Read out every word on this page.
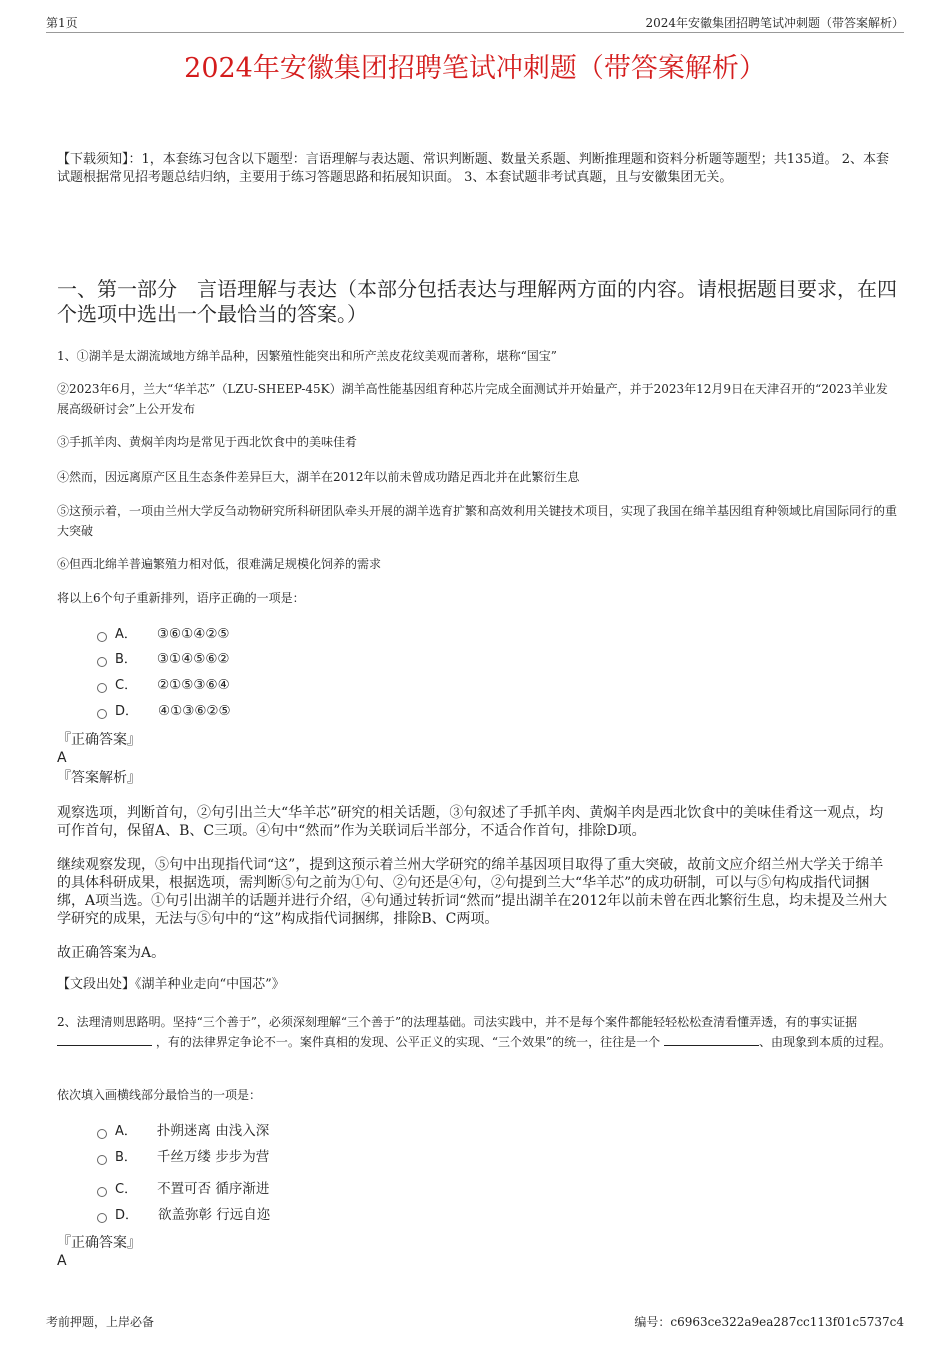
第1页	2024年安徽集团招聘笔试冲刺题（带答案解析）
2024年安徽集团招聘笔试冲刺题（带答案解析）
【下载须知】：1，本套练习包含以下题型：言语理解与表达题、常识判断题、数量关系题、判断推理题和资料分析题等题型；共135道。 2、本套试题根据常见招考题总结归纳，主要用于练习答题思路和拓展知识面。 3、本套试题非考试真题，且与安徽集团无关。
一、第一部分　言语理解与表达（本部分包括表达与理解两方面的内容。请根据题目要求，在四个选项中选出一个最恰当的答案。）
1、①湖羊是太湖流域地方绵羊品种，因繁殖性能突出和所产羔皮花纹美观而著称，堪称“国宝”
②2023年6月，兰大“华羊芯”（LZU-SHEEP-45K）湖羊高性能基因组育种芯片完成全面测试并开始量产，并于2023年12月9日在天津召开的“2023羊业发展高级研讨会”上公开发布
③手抓羊肉、黄焖羊肉均是常见于西北饮食中的美味佳肴
④然而，因远离原产区且生态条件差异巨大，湖羊在2012年以前未曾成功踏足西北并在此繁衍生息
⑤这预示着，一项由兰州大学反刍动物研究所科研团队牵头开展的湖羊选育扩繁和高效利用关键技术项目，实现了我国在绵羊基因组育种领域比肩国际同行的重大突破
⑥但西北绵羊普遍繁殖力相对低，很难满足规模化饲养的需求
将以上6个句子重新排列，语序正确的一项是：
A． ③⑥①④②⑤
B． ③①④⑤⑥②
C． ②①⑤③⑥④
D． ④①③⑥②⑤
『正确答案』
A
『答案解析』
观察选项，判断首句，②句引出兰大“华羊芯”研究的相关话题，③句叙述了手抓羊肉、黄焖羊肉是西北饮食中的美味佳肴这一观点，均可作首句，保留A、B、C三项。④句中“然而”作为关联词后半部分，不适合作首句，排除D项。
继续观察发现，⑤句中出现指代词“这”，提到这预示着兰州大学研究的绵羊基因项目取得了重大突破，故前文应介绍兰州大学关于绵羊的具体科研成果，根据选项，需判断⑤句之前为①句、②句还是④句，②句提到兰大“华羊芯”的成功研制，可以与⑤句构成指代词捆绑，A项当选。①句引出湖羊的话题并进行介绍，④句通过转折词“然而”提出湖羊在2012年以前未曾在西北繁衍生息，均未提及兰州大学研究的成果，无法与⑤句中的“这”构成指代词捆绑，排除B、C两项。
故正确答案为A。
【文段出处】《湖羊种业走向“中国芯”》
2、法理清则思路明。坚持“三个善于”，必须深刻理解“三个善于”的法理基础。司法实践中，并不是每个案件都能轻轻松松查清看懂弄透，有的事实证据  ，有的法律界定争论不一。案件真相的发现、公平正义的实现、“三个效果”的统一，往往是一个	、由现象到本质的过程。
依次填入画横线部分最恰当的一项是：
A． 扑朔迷离 由浅入深
B． 千丝万缕 步步为营
C． 不置可否 循序渐进
D． 欲盖弥彰 行远自迩
『正确答案』
A
考前押题，上岸必备	编号：c6963ce322a9ea287cc113f01c5737c4
